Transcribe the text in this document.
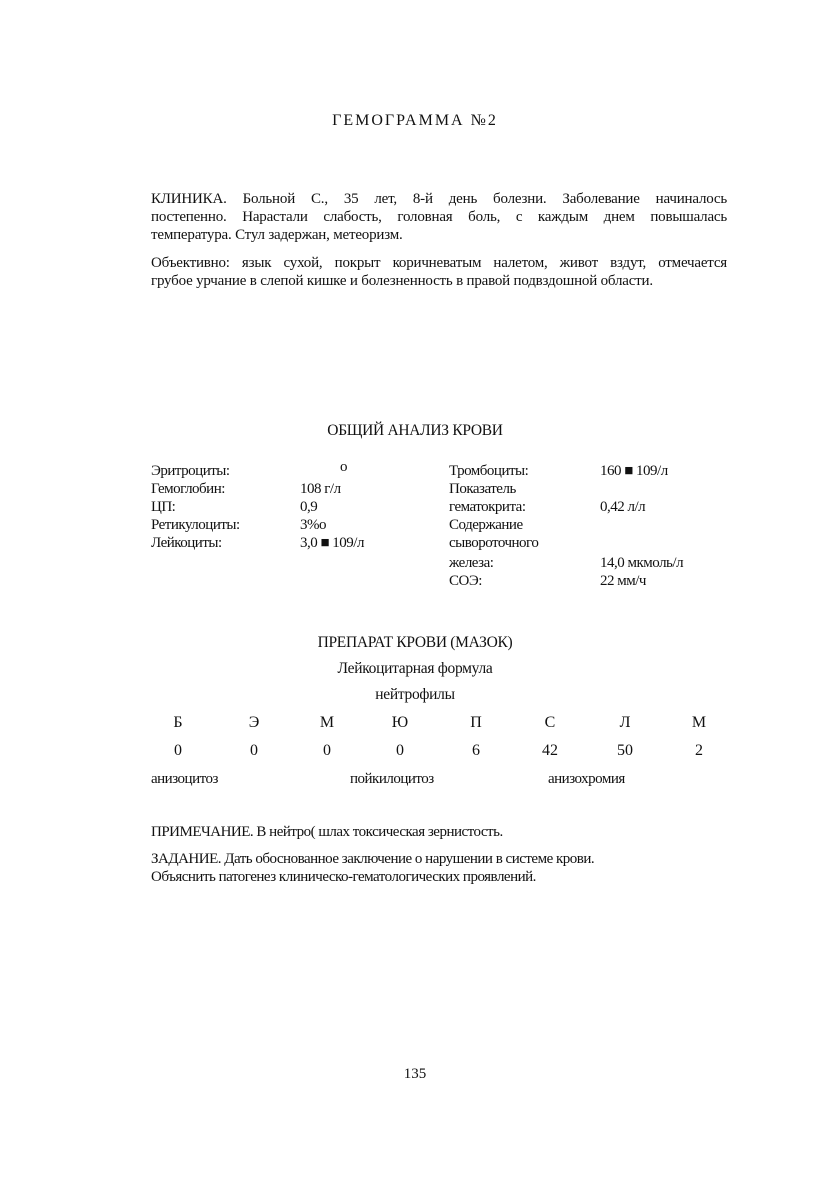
ГЕМОГРАММА №2
КЛИНИКА. Больной С., 35 лет, 8-й день болезни. Заболевание начиналось
постепенно. Нарастали слабость, головная боль, с каждым днем повышалась
температура. Стул задержан, метеоризм.
Объективно: язык сухой, покрыт коричневатым налетом, живот вздут, отмечается
грубое урчание в слепой кишке и болезненность в правой подвздошной области.
ОБЩИЙ АНАЛИЗ КРОВИ
Эритроциты:	о
Гемоглобин:	108 г/л
ЦП:	0,9
Ретикулоциты:	3%о
Лейкоциты:	3,0 ■ 109/л
Тромбоциты:	160 ■ 109/л
Показатель
гематокрита:	0,42 л/л
Содержание
сывороточного
железа:	14,0 мкмоль/л
СОЭ:	22 мм/ч
ПРЕПАРАТ КРОВИ (МАЗОК)
Лейкоцитарная формула
нейтрофилы
Б	Э	М	Ю	П	С	Л	М
0	0	0	0	6	42	50	2
анизоцитоз	пойкилоцитоз	анизохромия
ПРИМЕЧАНИЕ. В нейтро( шлах токсическая зернистость.
ЗАДАНИЕ. Дать обоснованное заключение о нарушении в системе крови.
Объяснить патогенез клиническо-гематологических проявлений.
135
